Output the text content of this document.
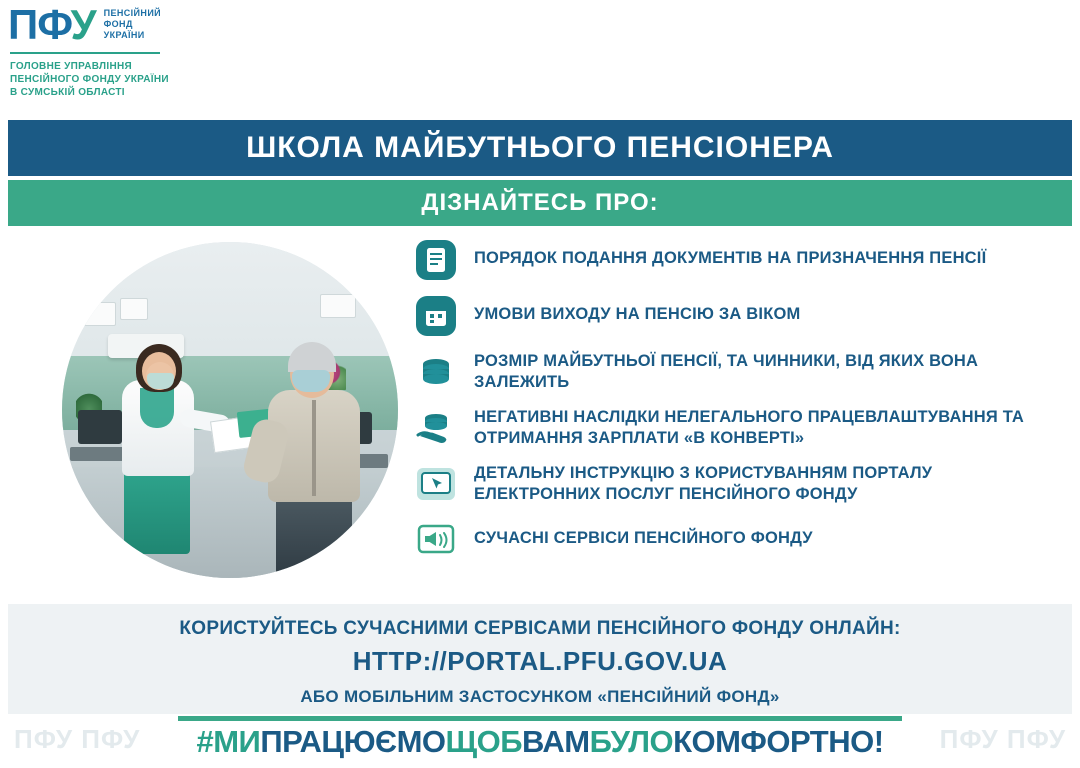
ПФУ ПЕНСІЙНИЙ
ФОНД
УКРАЇНИ
ГОЛОВНЕ УПРАВЛІННЯ
ПЕНСІЙНОГО ФОНДУ УКРАЇНИ
В СУМСЬКІЙ ОБЛАСТІ
ШКОЛА МАЙБУТНЬОГО ПЕНСІОНЕРА
ДІЗНАЙТЕСЬ ПРО:
ПОРЯДОК ПОДАННЯ ДОКУМЕНТІВ НА ПРИЗНАЧЕННЯ ПЕНСІЇ
УМОВИ ВИХОДУ НА ПЕНСІЮ ЗА ВІКОМ
РОЗМІР МАЙБУТНЬОЇ ПЕНСІЇ, ТА ЧИННИКИ, ВІД ЯКИХ ВОНА ЗАЛЕЖИТЬ
НЕГАТИВНІ НАСЛІДКИ НЕЛЕГАЛЬНОГО ПРАЦЕВЛАШТУВАННЯ ТА ОТРИМАННЯ ЗАРПЛАТИ «В КОНВЕРТІ»
ДЕТАЛЬНУ ІНСТРУКЦІЮ З КОРИСТУВАННЯМ ПОРТАЛУ ЕЛЕКТРОННИХ ПОСЛУГ ПЕНСІЙНОГО ФОНДУ
СУЧАСНІ СЕРВІСИ ПЕНСІЙНОГО ФОНДУ
КОРИСТУЙТЕСЬ СУЧАСНИМИ СЕРВІСАМИ ПЕНСІЙНОГО ФОНДУ ОНЛАЙН:
HTTP://PORTAL.PFU.GOV.UA
АБО МОБІЛЬНИМ ЗАСТОСУНКОМ «ПЕНСІЙНИЙ ФОНД»
ПФУ ПФУ	ПФУ ПФУ
#МИПРАЦЮЄМОЩОБВАМБУЛОКОМФОРТНО!
